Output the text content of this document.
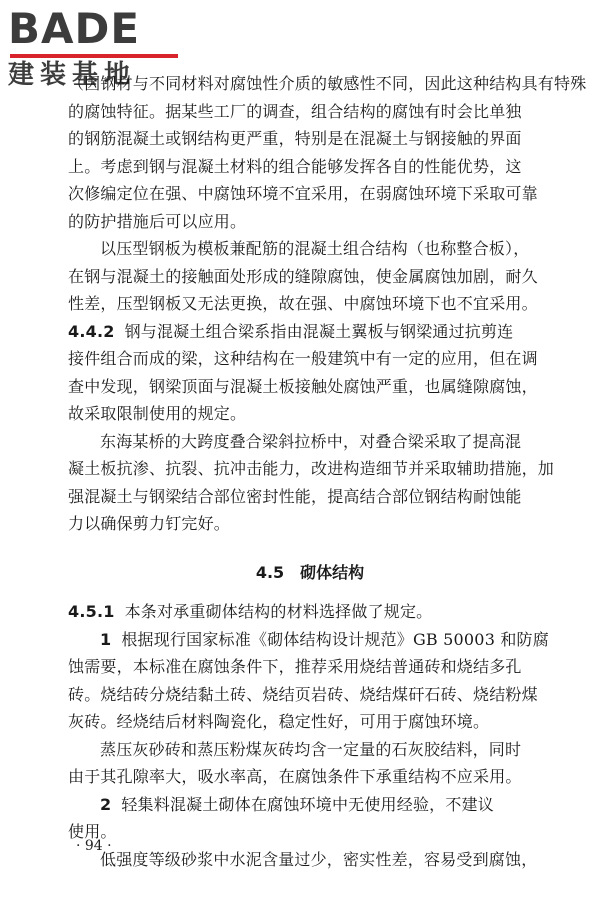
BADE
建装基地
（因钢材与不同材料对腐蚀性介质的敏感性不同，因此这种结构具有特殊
的腐蚀特征。据某些工厂的调查，组合结构的腐蚀有时会比单独
的钢筋混凝土或钢结构更严重，特别是在混凝土与钢接触的界面
上。考虑到钢与混凝土材料的组合能够发挥各自的性能优势，这
次修编定位在强、中腐蚀环境不宜采用，在弱腐蚀环境下采取可靠
的防护措施后可以应用。
以压型钢板为模板兼配筋的混凝土组合结构（也称整合板），
在钢与混凝土的接触面处形成的缝隙腐蚀，使金属腐蚀加剧，耐久
性差，压型钢板又无法更换，故在强、中腐蚀环境下也不宜采用。
4.4.2 钢与混凝土组合梁系指由混凝土翼板与钢梁通过抗剪连
接件组合而成的梁，这种结构在一般建筑中有一定的应用，但在调
查中发现，钢梁顶面与混凝土板接触处腐蚀严重，也属缝隙腐蚀，
故采取限制使用的规定。
东海某桥的大跨度叠合梁斜拉桥中，对叠合梁采取了提高混
凝土板抗渗、抗裂、抗冲击能力，改进构造细节并采取辅助措施，加
强混凝土与钢梁结合部位密封性能，提高结合部位钢结构耐蚀能
力以确保剪力钉完好。
4.5　砌体结构
4.5.1 本条对承重砌体结构的材料选择做了规定。
1 根据现行国家标准《砌体结构设计规范》GB 50003 和防腐
蚀需要，本标准在腐蚀条件下，推荐采用烧结普通砖和烧结多孔
砖。烧结砖分烧结黏土砖、烧结页岩砖、烧结煤矸石砖、烧结粉煤
灰砖。经烧结后材料陶瓷化，稳定性好，可用于腐蚀环境。
蒸压灰砂砖和蒸压粉煤灰砖均含一定量的石灰胶结料，同时
由于其孔隙率大，吸水率高，在腐蚀条件下承重结构不应采用。
2 轻集料混凝土砌体在腐蚀环境中无使用经验，不建议
使用。
低强度等级砂浆中水泥含量过少，密实性差，容易受到腐蚀，
· 94 ·
